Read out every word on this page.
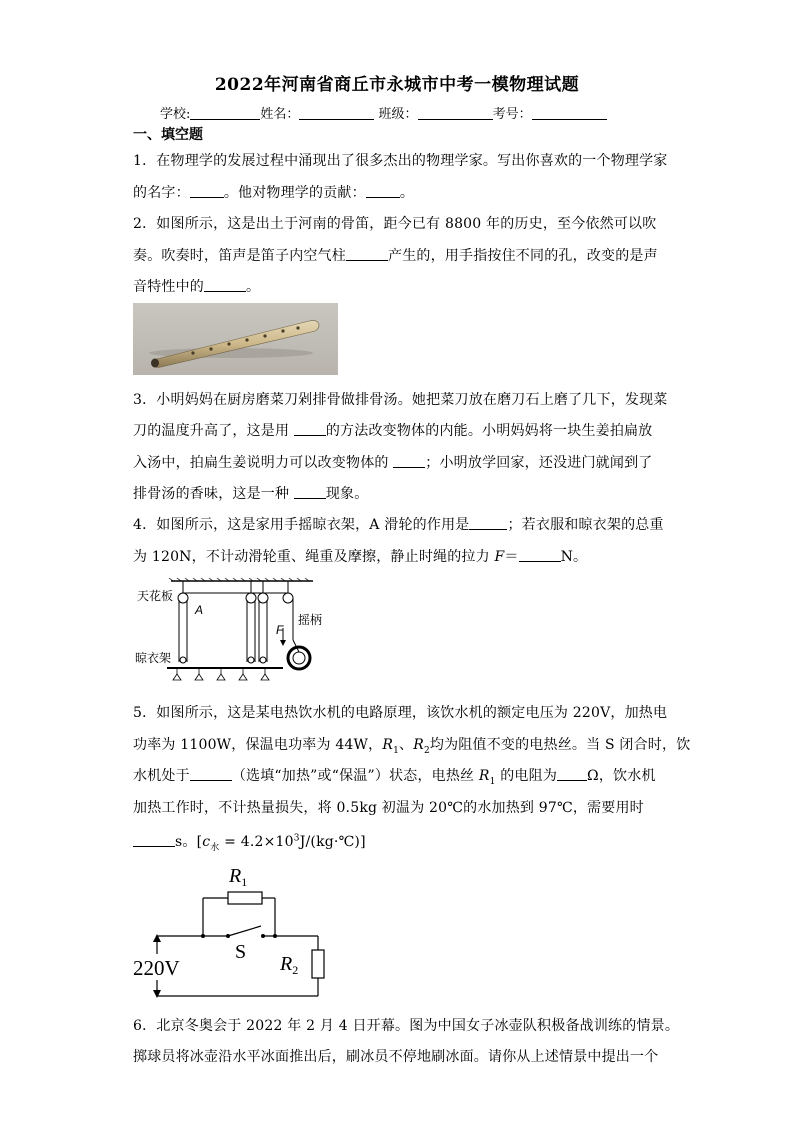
2022年河南省商丘市永城市中考一模物理试题
学校:	姓名：	班级：	考号：
一、填空题
1．在物理学的发展过程中涌现出了很多杰出的物理学家。写出你喜欢的一个物理学家
的名字： 。他对物理学的贡献： 。
2．如图所示，这是出土于河南的骨笛，距今已有 8800 年的历史，至今依然可以吹
奏。吹奏时，笛声是笛子内空气柱	产生的，用手指按住不同的孔，改变的是声
音特性中的	。
3．小明妈妈在厨房磨菜刀剁排骨做排骨汤。她把菜刀放在磨刀石上磨了几下，发现菜
刀的温度升高了，这是用	的方法改变物体的内能。小明妈妈将一块生姜拍扁放
入汤中，拍扁生姜说明力可以改变物体的	；小明放学回家，还没进门就闻到了
排骨汤的香味，这是一种	现象。
4．如图所示，这是家用手摇晾衣架，A 滑轮的作用是	；若衣服和晾衣架的总重
为 120N，不计动滑轮重、绳重及摩擦，静止时绳的拉力 F＝	N。
天花板
A
F
摇柄
晾衣架
5．如图所示，这是某电热饮水机的电路原理，该饮水机的额定电压为 220V，加热电
功率为 1100W，保温电功率为 44W，$R_1$、$R_2$均为阻值不变的电热丝。当 S 闭合时，饮
水机处于	（选填“加热”或“保温”）状态，电热丝 $R_1$ 的电阻为 Ω，饮水机
加热工作时，不计热量损失，将 0.5kg 初温为 20℃的水加热到 97℃，需要用时
s。[$c_水$ = $4.2\times 10^3J/(kg\cdot℃)$]
$R_1$
$R_2$
S
220V
6．北京冬奥会于 2022 年 2 月 4 日开幕。图为中国女子冰壶队积极备战训练的情景。
掷球员将冰壶沿水平冰面推出后，刷冰员不停地刷冰面。请你从上述情景中提出一个
